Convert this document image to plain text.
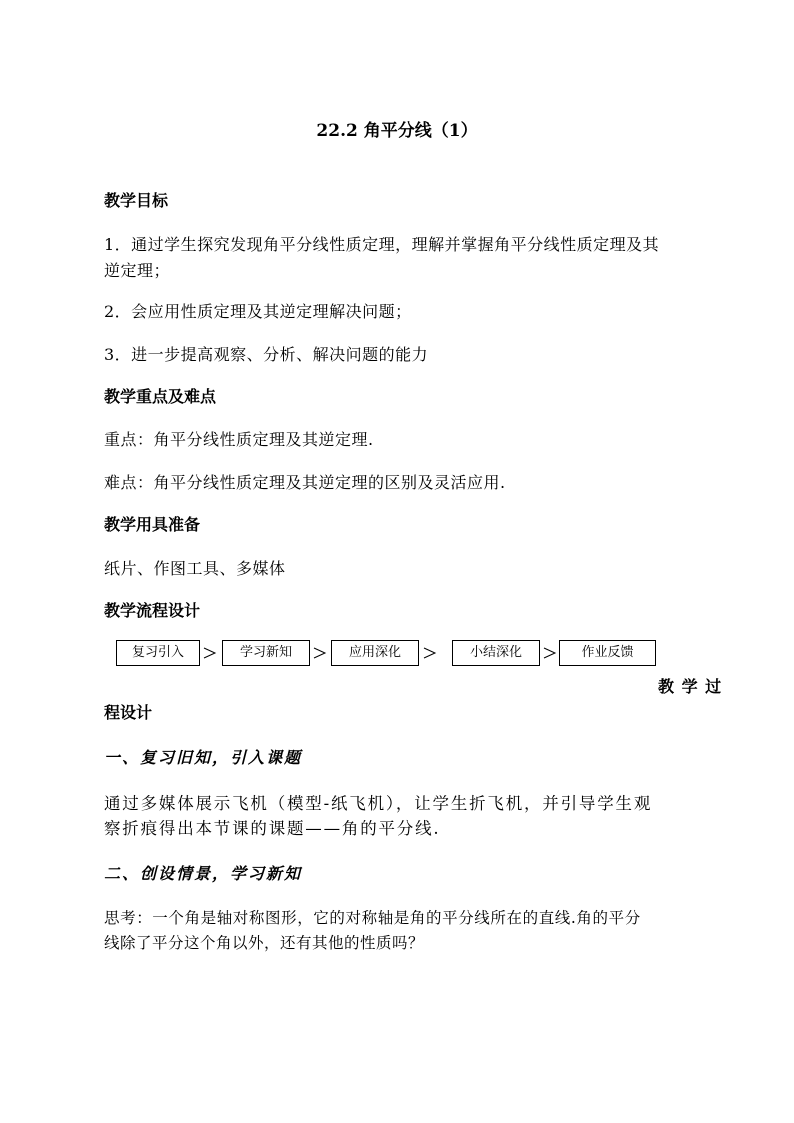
22.2 角平分线（1）
教学目标
1．通过学生探究发现角平分线性质定理，理解并掌握角平分线性质定理及其
逆定理；
2．会应用性质定理及其逆定理解决问题；
3．进一步提高观察、分析、解决问题的能力
教学重点及难点
重点：角平分线性质定理及其逆定理.
难点：角平分线性质定理及其逆定理的区别及灵活应用.
教学用具准备
纸片、作图工具、多媒体
教学流程设计
复习引入	学习新知	应用深化	小结深化	作业反馈
教 学 过
程设计
一、复习旧知，引入课题
通过多媒体展示飞机（模型-纸飞机），让学生折飞机，并引导学生观
察折痕得出本节课的课题——角的平分线.
二、创设情景，学习新知
思考：一个角是轴对称图形，它的对称轴是角的平分线所在的直线.角的平分
线除了平分这个角以外，还有其他的性质吗？
